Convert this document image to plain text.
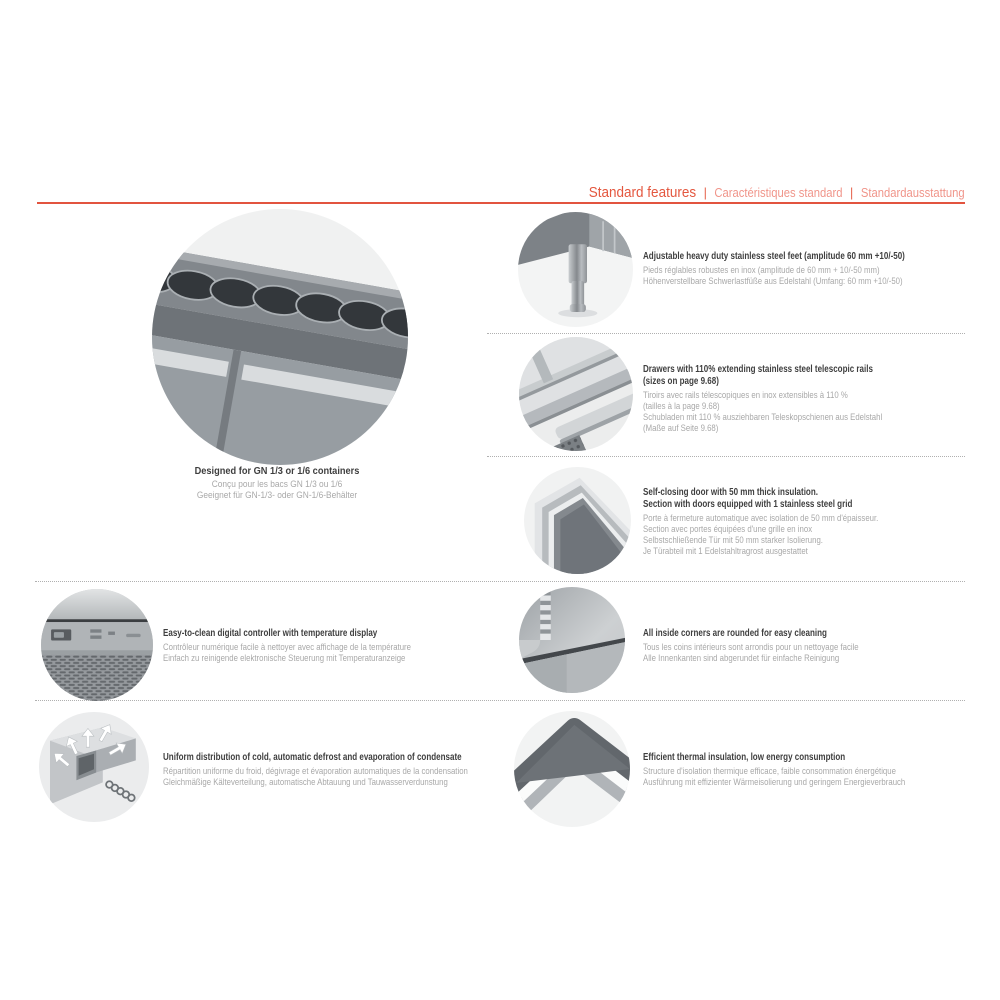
Standard features | Caractéristiques standard | Standardausstattung
Designed for GN 1/3 or 1/6 containers
Conçu pour les bacs GN 1/3 ou 1/6
Geeignet für GN-1/3- oder GN-1/6-Behälter
Adjustable heavy duty stainless steel feet (amplitude 60 mm +10/-50)
Pieds réglables robustes en inox (amplitude de 60 mm + 10/-50 mm)
Höhenverstellbare Schwerlastfüße aus Edelstahl (Umfang: 60 mm +10/-50)
Drawers with 110% extending stainless steel telescopic rails
(sizes on page 9.68)
Tiroirs avec rails télescopiques en inox extensibles à 110 %
(tailles à la page 9.68)
Schubladen mit 110 % ausziehbaren Teleskopschienen aus Edelstahl
(Maße auf Seite 9.68)
Self-closing door with 50 mm thick insulation.
Section with doors equipped with 1 stainless steel grid
Porte à fermeture automatique avec isolation de 50 mm d'épaisseur.
Section avec portes équipées d'une grille en inox
Selbstschließende Tür mit 50 mm starker Isolierung.
Je Türabteil mit 1 Edelstahltragrost ausgestattet
Easy-to-clean digital controller with temperature display
Contrôleur numérique facile à nettoyer avec affichage de la température
Einfach zu reinigende elektronische Steuerung mit Temperaturanzeige
All inside corners are rounded for easy cleaning
Tous les coins intérieurs sont arrondis pour un nettoyage facile
Alle Innenkanten sind abgerundet für einfache Reinigung
Uniform distribution of cold, automatic defrost and evaporation of condensate
Répartition uniforme du froid, dégivrage et évaporation automatiques de la condensation
Gleichmäßige Kälteverteilung, automatische Abtauung und Tauwasserverdunstung
Efficient thermal insulation, low energy consumption
Structure d'isolation thermique efficace, faible consommation énergétique
Ausführung mit effizienter Wärmeisolierung und geringem Energieverbrauch
